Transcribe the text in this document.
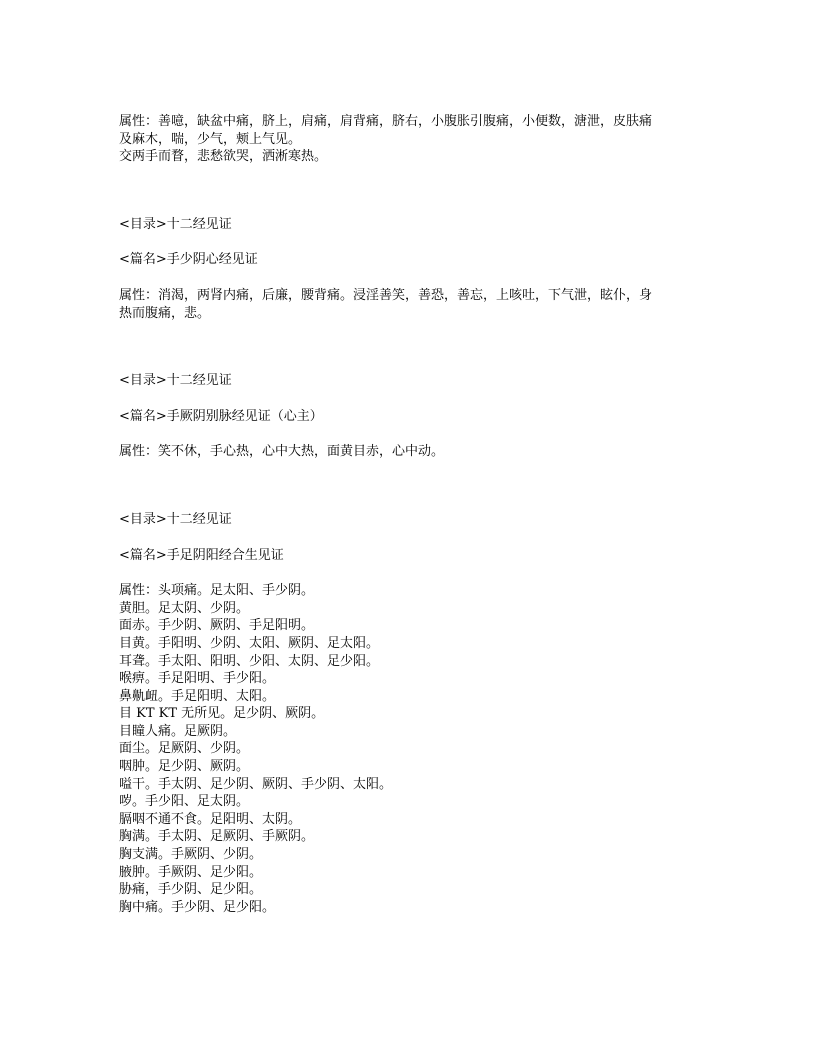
属性：善噫，缺盆中痛，脐上，肩痛，肩背痛，脐右，小腹胀引腹痛，小便数，溏泄，皮肤痛
及麻木，喘，少气，颊上气见。
交两手而瞀，悲愁欲哭，洒淅寒热。
<目录>十二经见证
<篇名>手少阴心经见证
属性：消渴，两肾内痛，后廉，腰背痛。浸淫善笑，善恐，善忘，上咳吐，下气泄，眩仆，身
热而腹痛，悲。
<目录>十二经见证
<篇名>手厥阴别脉经见证（心主）
属性：笑不休，手心热，心中大热，面黄目赤，心中动。
<目录>十二经见证
<篇名>手足阴阳经合生见证
属性：头项痛。足太阳、手少阴。
黄胆。足太阴、少阴。
面赤。手少阴、厥阴、手足阳明。
目黄。手阳明、少阴、太阳、厥阴、足太阳。
耳聋。手太阳、阳明、少阳、太阴、足少阳。
喉痹。手足阳明、手少阳。
鼻鼽衄。手足阳明、太阳。
目 KT KT 无所见。足少阴、厥阴。
目瞳人痛。足厥阴。
面尘。足厥阴、少阴。
咽肿。足少阴、厥阴。
嗌干。手太阴、足少阴、厥阴、手少阴、太阳。
哕。手少阳、足太阴。
膈咽不通不食。足阳明、太阴。
胸满。手太阴、足厥阴、手厥阴。
胸支满。手厥阴、少阴。
腋肿。手厥阴、足少阳。
胁痛，手少阴、足少阳。
胸中痛。手少阴、足少阳。
